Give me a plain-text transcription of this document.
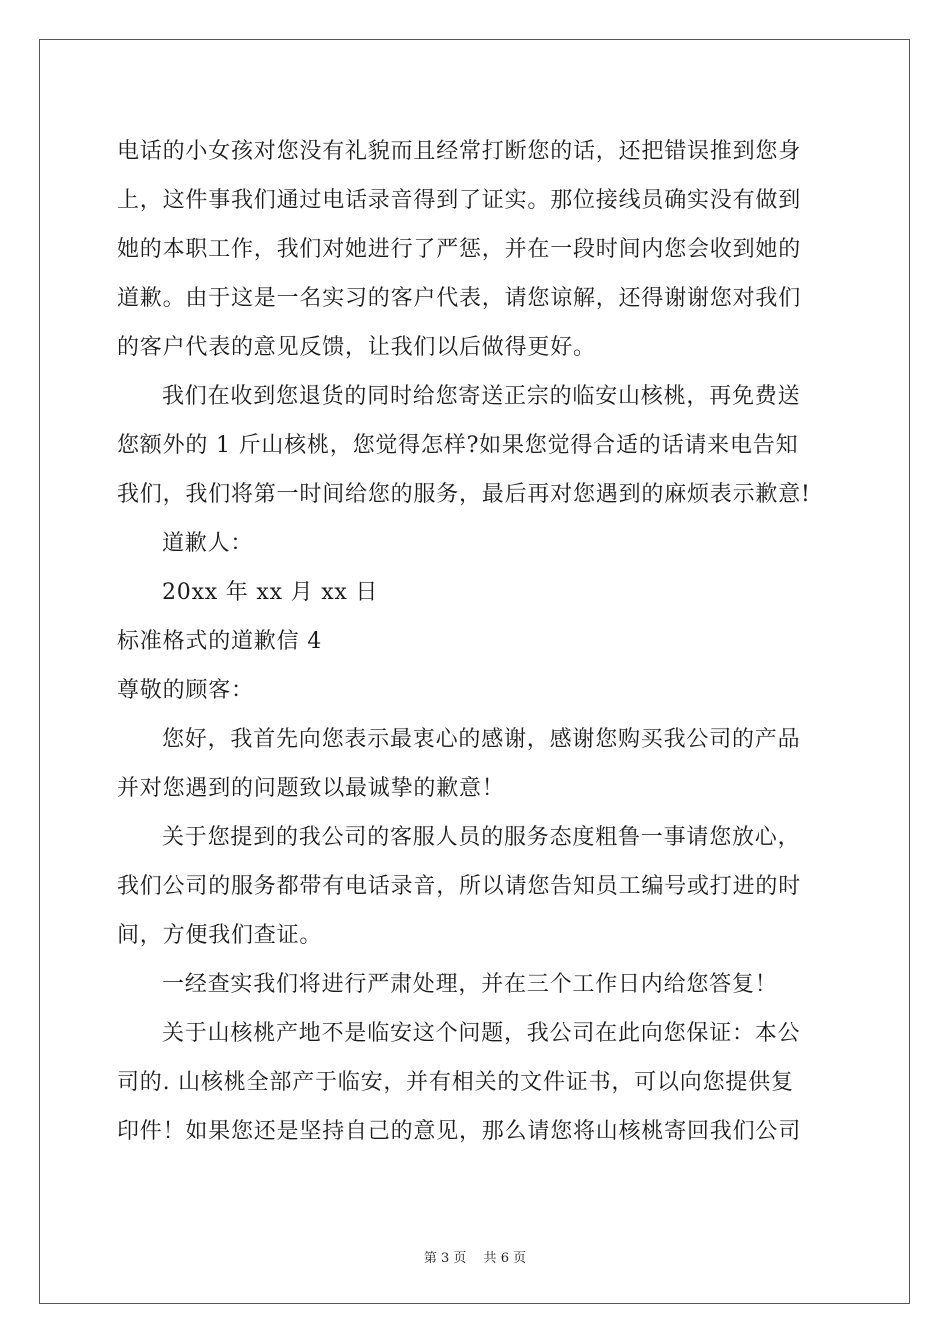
电话的小女孩对您没有礼貌而且经常打断您的话，还把错误推到您身
上，这件事我们通过电话录音得到了证实。那位接线员确实没有做到
她的本职工作，我们对她进行了严惩，并在一段时间内您会收到她的
道歉。由于这是一名实习的客户代表，请您谅解，还得谢谢您对我们
的客户代表的意见反馈，让我们以后做得更好。
我们在收到您退货的同时给您寄送正宗的临安山核桃，再免费送
您额外的 1 斤山核桃，您觉得怎样?如果您觉得合适的话请来电告知
我们，我们将第一时间给您的服务，最后再对您遇到的麻烦表示歉意!
道歉人：
20xx 年 xx 月 xx 日
标准格式的道歉信 4
尊敬的顾客：
您好，我首先向您表示最衷心的感谢，感谢您购买我公司的产品
并对您遇到的问题致以最诚挚的歉意！
关于您提到的我公司的客服人员的服务态度粗鲁一事请您放心，
我们公司的服务都带有电话录音，所以请您告知员工编号或打进的时
间，方便我们查证。
一经查实我们将进行严肃处理，并在三个工作日内给您答复！
关于山核桃产地不是临安这个问题，我公司在此向您保证：本公
司的. 山核桃全部产于临安，并有相关的文件证书，可以向您提供复
印件！如果您还是坚持自己的意见，那么请您将山核桃寄回我们公司
第 3 页　 共 6 页
